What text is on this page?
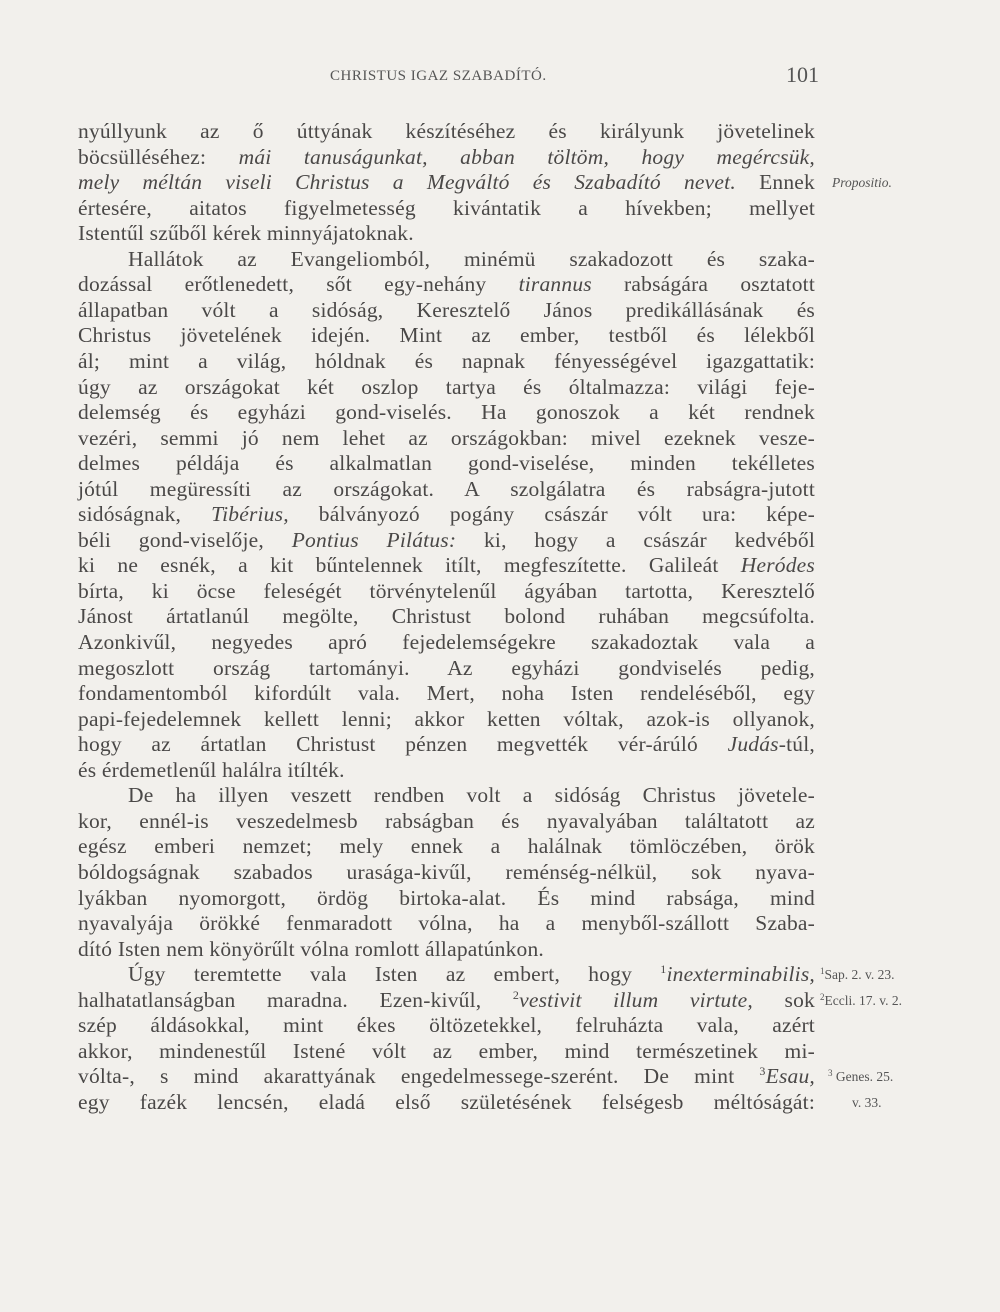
CHRISTUS IGAZ SZABADÍTÓ.	101
nyúllyunk az ő úttyának készítéséhez és királyunk jövetelinek
böcsülléséhez: mái tanuságunkat, abban töltöm, hogy megércsük,
mely méltán viseli Christus a Megváltó és Szabadító nevet. Ennek
értesére, aitatos figyelmetesség kivántatik a hívekben; mellyet
Istentűl szűből kérek minnyájatoknak.
Hallátok az Evangeliomból, minémü szakadozott és szaka-
dozással erőtlenedett, sőt egy-nehány tirannus rabságára osztatott
állapatban vólt a sidóság, Keresztelő János predikállásának és
Christus jövetelének idején. Mint az ember, testből és lélekből
ál; mint a világ, hóldnak és napnak fényességével igazgattatik:
úgy az országokat két oszlop tartya és óltalmazza: világi feje-
delemség és egyházi gond-viselés. Ha gonoszok a két rendnek
vezéri, semmi jó nem lehet az országokban: mivel ezeknek vesze-
delmes példája és alkalmatlan gond-viselése, minden tekélletes
jótúl megüressíti az országokat. A szolgálatra és rabságra-jutott
sidóságnak, Tibérius, bálványozó pogány császár vólt ura: képe-
béli gond-viselője, Pontius Pilátus: ki, hogy a császár kedvéből
ki ne esnék, a kit bűntelennek itílt, megfeszítette. Galileát Heródes
bírta, ki öcse feleségét törvénytelenűl ágyában tartotta, Keresztelő
Jánost ártatlanúl megölte, Christust bolond ruhában megcsúfolta.
Azonkivűl, negyedes apró fejedelemségekre szakadoztak vala a
megoszlott ország tartományi. Az egyházi gondviselés pedig,
fondamentomból kifordúlt vala. Mert, noha Isten rendeléséből, egy
papi-fejedelemnek kellett lenni; akkor ketten vóltak, azok-is ollyanok,
hogy az ártatlan Christust pénzen megvették vér-árúló Judás-túl,
és érdemetlenűl halálra itílték.
De ha illyen veszett rendben volt a sidóság Christus jövetele-
kor, ennél-is veszedelmesb rabságban és nyavalyában találtatott az
egész emberi nemzet; mely ennek a halálnak tömlöczében, örök
bóldogságnak szabados urasága-kivűl, reménség-nélkül, sok nyava-
lyákban nyomorgott, ördög birtoka-alat. És mind rabsága, mind
nyavalyája örökké fenmaradott vólna, ha a menyből-szállott Szaba-
dító Isten nem könyörűlt vólna romlott állapatúnkon.
Úgy teremtette vala Isten az embert, hogy $^1$inexterminabilis,
halhatatlanságban maradna. Ezen-kivűl, $^2$vestivit illum virtute, sok
szép áldásokkal, mint ékes öltözetekkel, felruházta vala, azért
akkor, mindenestűl Istené vólt az ember, mind természetinek mi-
vólta-, s mind akarattyának engedelmessege-szerént. De mint $^3$Esau,
egy fazék lencsén, eladá első születésének felségesb méltóságát:
Propositio.
$^1$Sap. 2. v. 23.
$^2$Eccli. 17. v. 2.
$^3$ Genes. 25.
v. 33.
